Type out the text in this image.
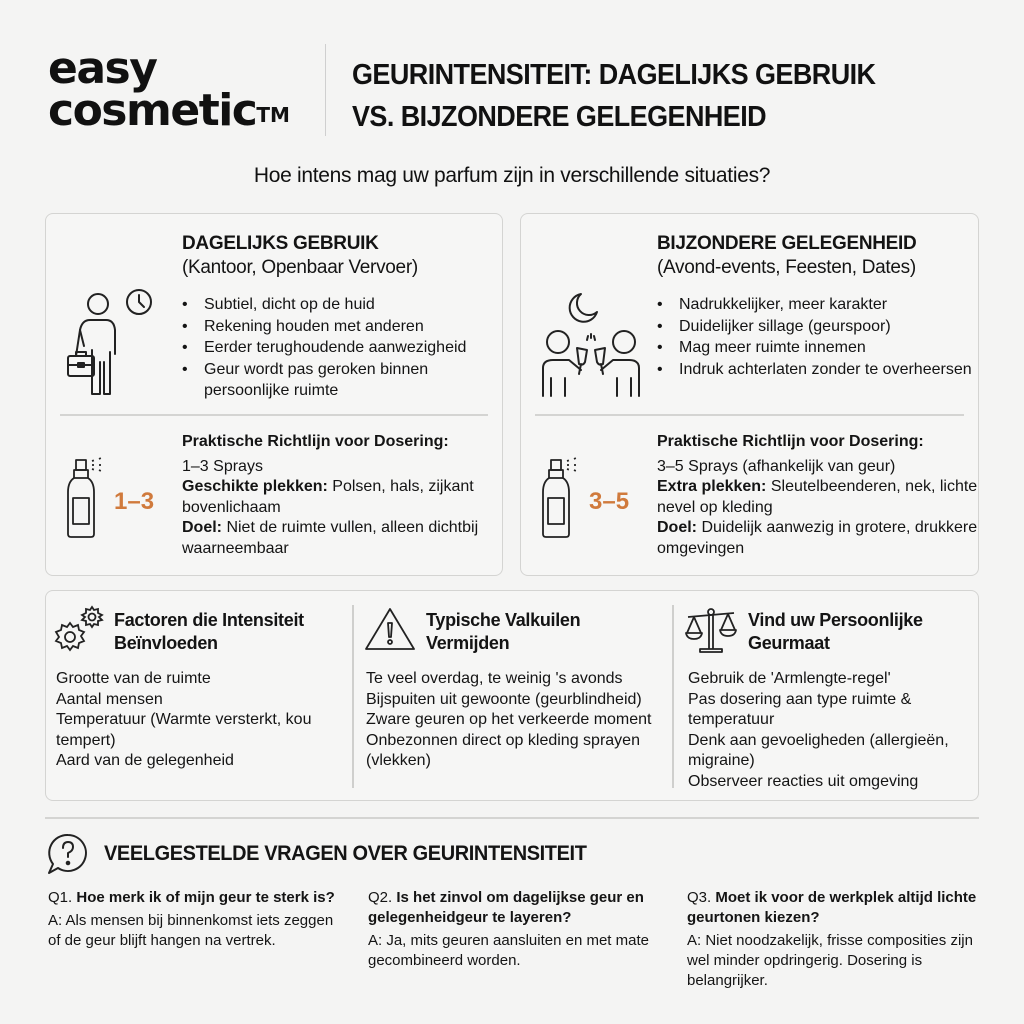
easy
cosmetic™
GEURINTENSITEIT: DAGELIJKS GEBRUIK
VS. BIJZONDERE GELEGENHEID
Hoe intens mag uw parfum zijn in verschillende situaties?
DAGELIJKS GEBRUIK
(Kantoor, Openbaar Vervoer)
• Subtiel, dicht op de huid
• Rekening houden met anderen
• Eerder terughoudende aanwezigheid
• Geur wordt pas geroken binnen persoonlijke ruimte
1–3
Praktische Richtlijn voor Dosering:
1–3 Sprays
Geschikte plekken: Polsen, hals, zijkant bovenlichaam
Doel: Niet de ruimte vullen, alleen dichtbij waarneembaar
BIJZONDERE GELEGENHEID
(Avond-events, Feesten, Dates)
• Nadrukkelijker, meer karakter
• Duidelijker sillage (geurspoor)
• Mag meer ruimte innemen
• Indruk achterlaten zonder te overheersen
3–5
Praktische Richtlijn voor Dosering:
3–5 Sprays (afhankelijk van geur)
Extra plekken: Sleutelbeenderen, nek, lichte nevel op kleding
Doel: Duidelijk aanwezig in grotere, drukkere omgevingen
Factoren die Intensiteit Beïnvloeden
Grootte van de ruimte
Aantal mensen
Temperatuur (Warmte versterkt, kou tempert)
Aard van de gelegenheid
Typische Valkuilen Vermijden
Te veel overdag, te weinig 's avonds
Bijspuiten uit gewoonte (geurblindheid)
Zware geuren op het verkeerde moment
Onbezonnen direct op kleding sprayen (vlekken)
Vind uw Persoonlijke Geurmaat
Gebruik de 'Armlengte-regel'
Pas dosering aan type ruimte & temperatuur
Denk aan gevoeligheden (allergieën, migraine)
Observeer reacties uit omgeving
VEELGESTELDE VRAGEN OVER GEURINTENSITEIT
Q1. Hoe merk ik of mijn geur te sterk is?
A: Als mensen bij binnenkomst iets zeggen of de geur blijft hangen na vertrek.
Q2. Is het zinvol om dagelijkse geur en gelegenheidgeur te layeren?
A: Ja, mits geuren aansluiten en met mate gecombineerd worden.
Q3. Moet ik voor de werkplek altijd lichte geurtonen kiezen?
A: Niet noodzakelijk, frisse composities zijn wel minder opdringerig. Dosering is belangrijker.
